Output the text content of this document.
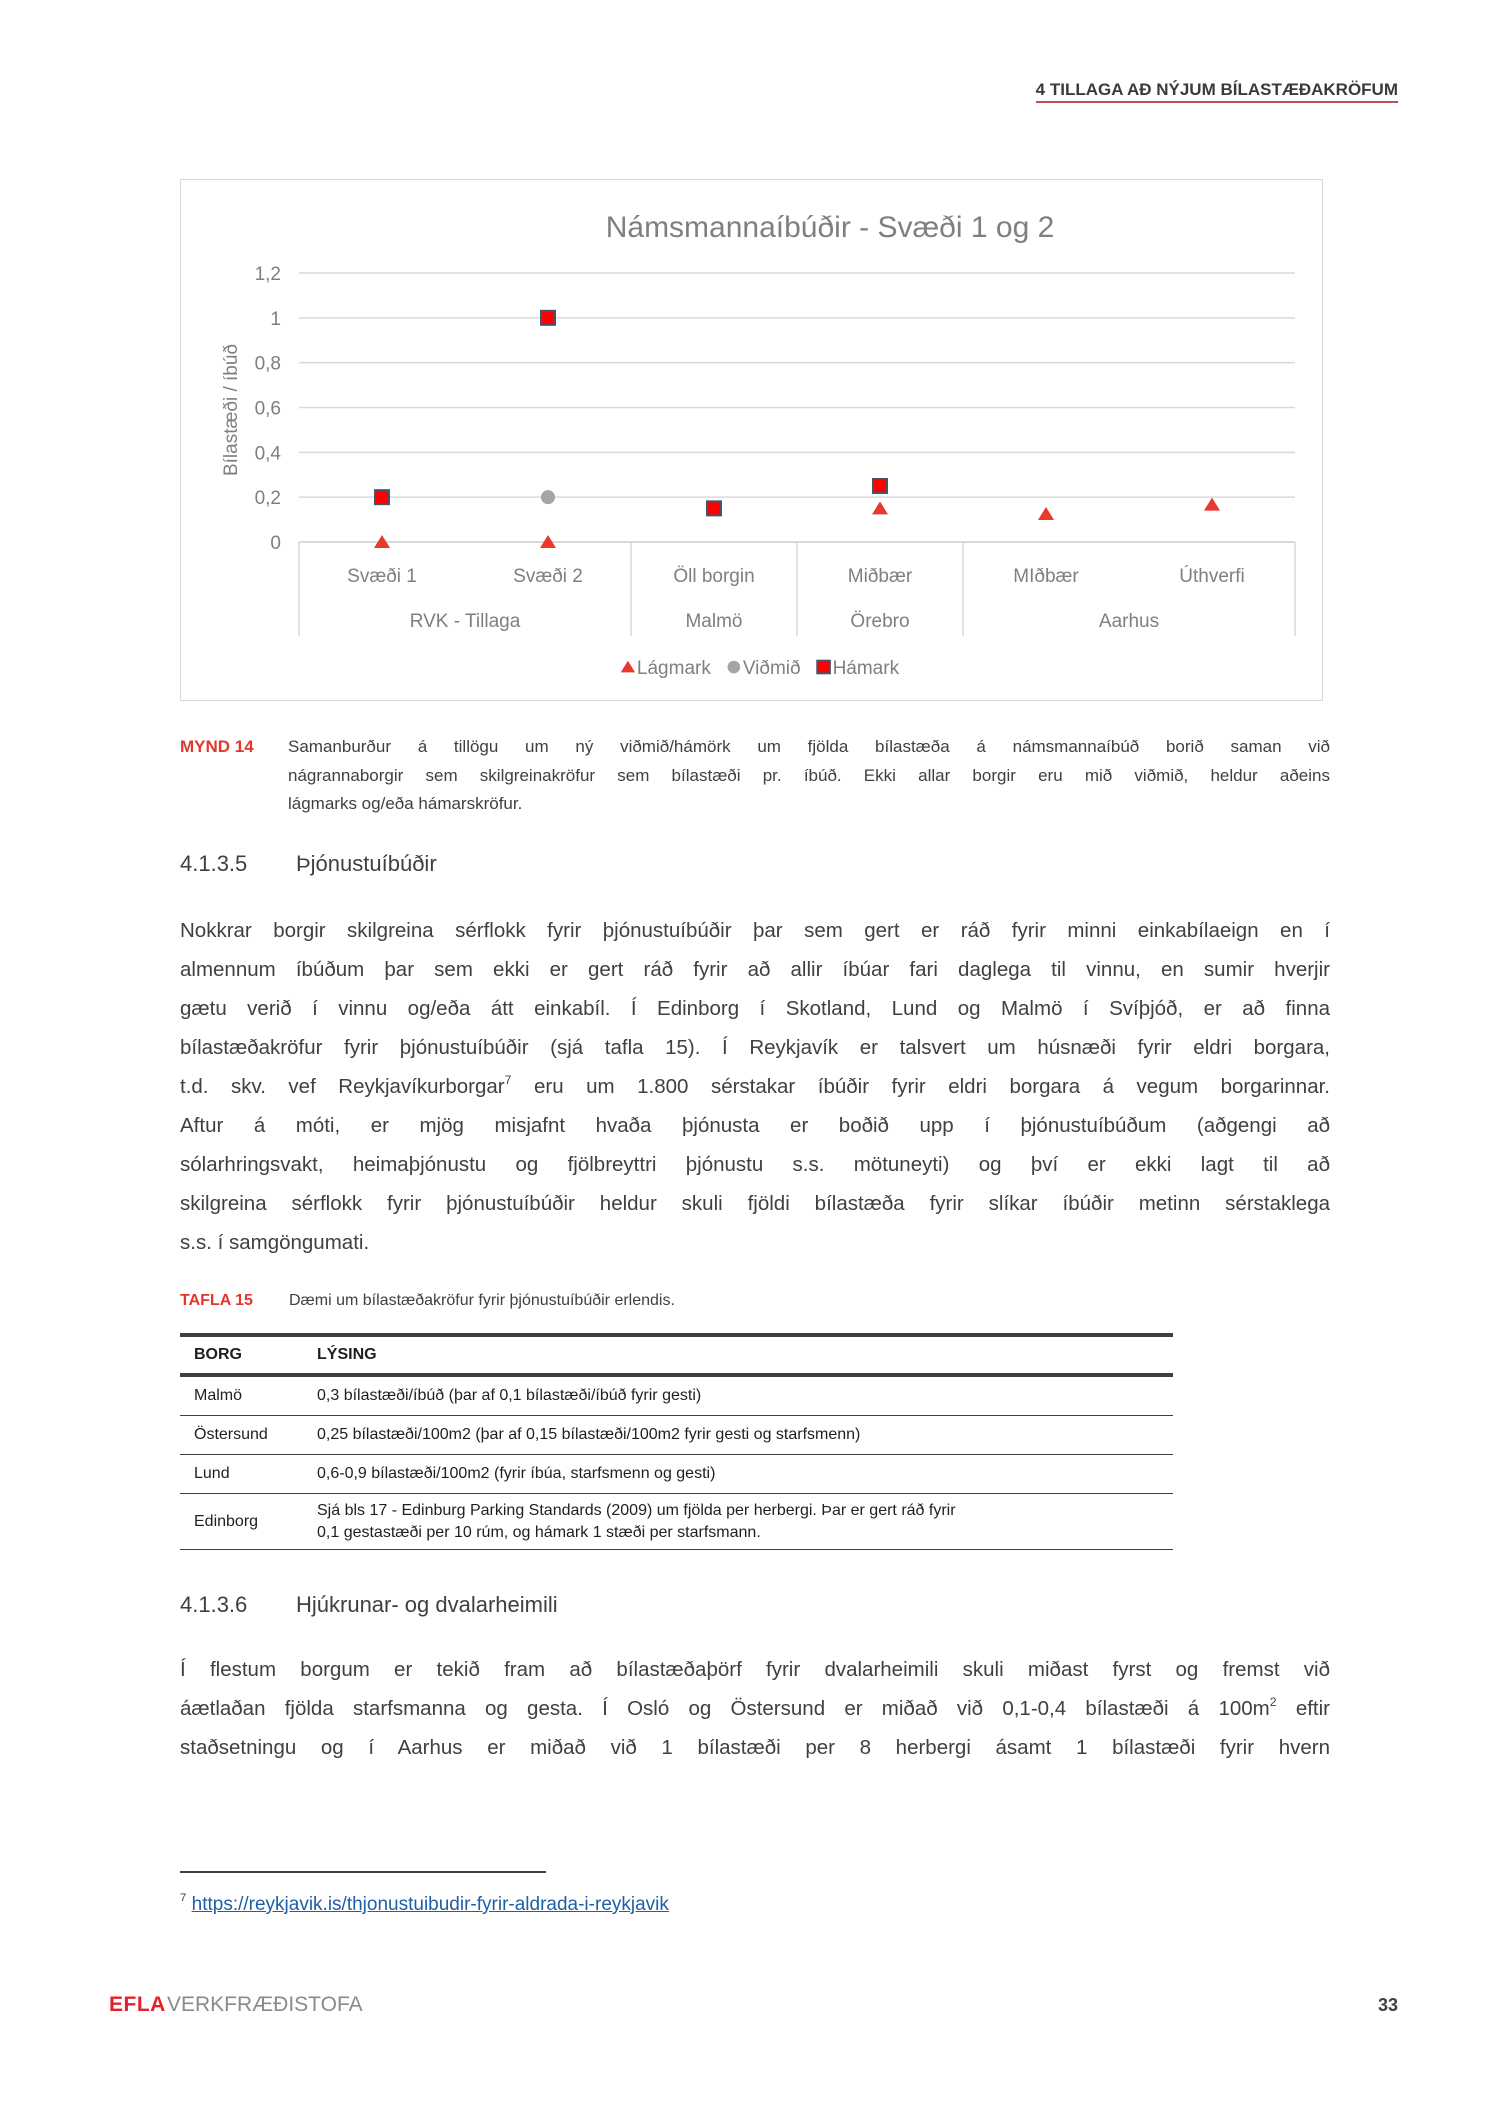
4 TILLAGA AÐ NÝJUM BÍLASTÆÐAKRÖFUM
Námsmannaíbúðir - Svæði 1 og 2
0
0,2
0,4
0,6
0,8
1
1,2
Bílastæði / íbúð
Svæði 1	Svæði 2	Öll borgin	Miðbær	MIðbær	Úthverfi
RVK - Tillaga	Malmö	Örebro	Aarhus
Lágmark Viðmið Hámark
MYND 14 Samanburður á tillögu um ný viðmið/hámörk um fjölda bílastæða á námsmannaíbúð borið saman við
nágrannaborgir sem skilgreinakröfur sem bílastæði pr. íbúð. Ekki allar borgir eru mið viðmið, heldur aðeins
lágmarks og/eða hámarskröfur.
4.1.3.5 Þjónustuíbúðir
Nokkrar borgir skilgreina sérflokk fyrir þjónustuíbúðir þar sem gert er ráð fyrir minni einkabílaeign en í
almennum íbúðum þar sem ekki er gert ráð fyrir að allir íbúar fari daglega til vinnu, en sumir hverjir
gætu verið í vinnu og/eða átt einkabíl. Í Edinborg í Skotland, Lund og Malmö í Svíþjóð, er að finna
bílastæðakröfur fyrir þjónustuíbúðir (sjá tafla 15). Í Reykjavík er talsvert um húsnæði fyrir eldri borgara,
t.d. skv. vef Reykjavíkurborgar$^7$ eru um 1.800 sérstakar íbúðir fyrir eldri borgara á vegum borgarinnar.
Aftur á móti, er mjög misjafnt hvaða þjónusta er boðið upp í þjónustuíbúðum (aðgengi að
sólarhringsvakt, heimaþjónustu og fjölbreyttri þjónustu s.s. mötuneyti) og því er ekki lagt til að
skilgreina sérflokk fyrir þjónustuíbúðir heldur skuli fjöldi bílastæða fyrir slíkar íbúðir metinn sérstaklega
s.s. í samgöngumati.
TAFLA 15 Dæmi um bílastæðakröfur fyrir þjónustuíbúðir erlendis.
BORG	LÝSING
Malmö	0,3 bílastæði/íbúð (þar af 0,1 bílastæði/íbúð fyrir gesti)
Östersund	0,25 bílastæði/100m2 (þar af 0,15 bílastæði/100m2 fyrir gesti og starfsmenn)
Lund	0,6-0,9 bílastæði/100m2 (fyrir íbúa, starfsmenn og gesti)
Edinborg	Sjá bls 17 - Edinburg Parking Standards (2009) um fjölda per herbergi. Þar er gert ráð fyrir
0,1 gestastæði per 10 rúm, og hámark 1 stæði per starfsmann.
4.1.3.6 Hjúkrunar- og dvalarheimili
Í flestum borgum er tekið fram að bílastæðaþörf fyrir dvalarheimili skuli miðast fyrst og fremst við
áætlaðan fjölda starfsmanna og gesta. Í Osló og Östersund er miðað við 0,1-0,4 bílastæði á $100m^2$ eftir
staðsetningu og í Aarhus er miðað við 1 bílastæði per 8 herbergi ásamt 1 bílastæði fyrir hvern
$^7$ https://reykjavik.is/thjonustuibudir-fyrir-aldrada-i-reykjavik
EFLA VERKFRÆÐISTOFA	33
